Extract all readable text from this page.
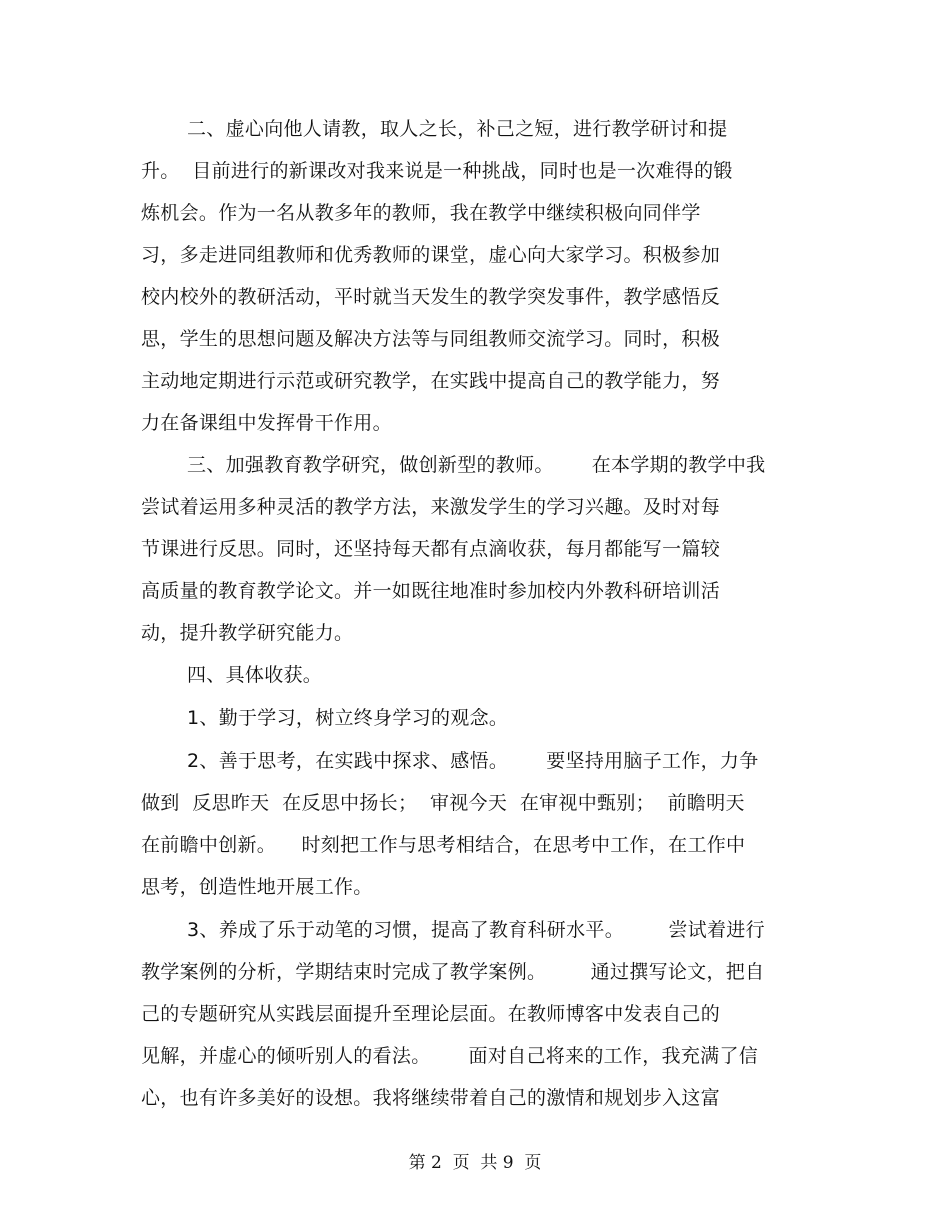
二、虚心向他人请教，取人之长，补己之短，进行教学研讨和提
升。  目前进行的新课改对我来说是一种挑战，同时也是一次难得的锻
炼机会。作为一名从教多年的教师，我在教学中继续积极向同伴学
习，多走进同组教师和优秀教师的课堂，虚心向大家学习。积极参加
校内校外的教研活动，平时就当天发生的教学突发事件，教学感悟反
思，学生的思想问题及解决方法等与同组教师交流学习。同时，积极
主动地定期进行示范或研究教学，在实践中提高自己的教学能力，努
力在备课组中发挥骨干作用。
三、加强教育教学研究，做创新型的教师。      在本学期的教学中我
尝试着运用多种灵活的教学方法，来激发学生的学习兴趣。及时对每
节课进行反思。同时，还坚持每天都有点滴收获，每月都能写一篇较
高质量的教育教学论文。并一如既往地准时参加校内外教科研培训活
动，提升教学研究能力。
四、具体收获。
1、勤于学习，树立终身学习的观念。
2、善于思考，在实践中探求、感悟。      要坚持用脑子工作，力争
做到  反思昨天  在反思中扬长；  审视今天  在审视中甄别；  前瞻明天
在前瞻中创新。    时刻把工作与思考相结合，在思考中工作，在工作中
思考，创造性地开展工作。
3、养成了乐于动笔的习惯，提高了教育科研水平。       尝试着进行
教学案例的分析，学期结束时完成了教学案例。       通过撰写论文，把自
己的专题研究从实践层面提升至理论层面。在教师博客中发表自己的
见解，并虚心的倾听别人的看法。      面对自己将来的工作，我充满了信
心，也有许多美好的设想。我将继续带着自己的激情和规划步入这富
第 2  页  共 9  页
